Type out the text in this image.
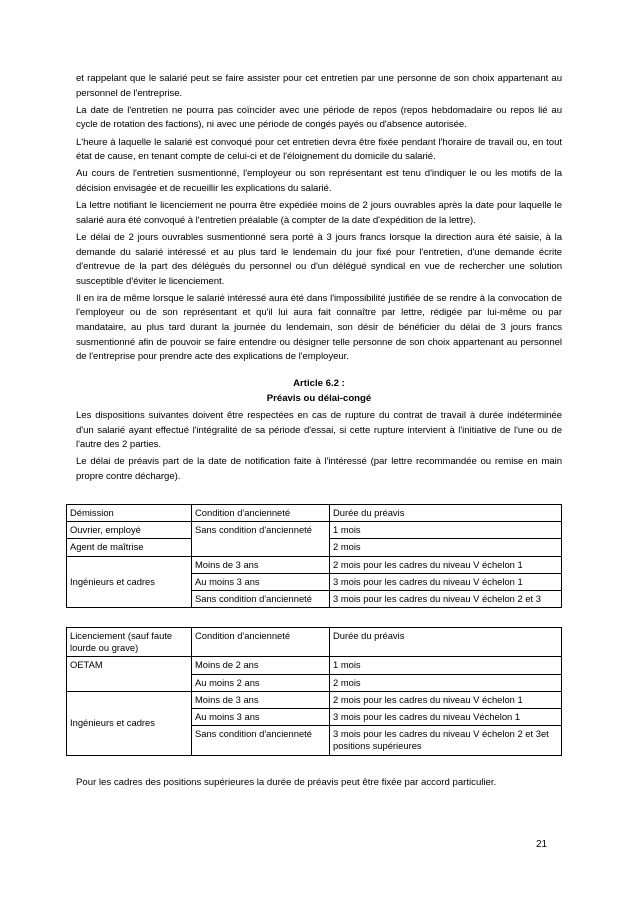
et rappelant que le salarié peut se faire assister pour cet entretien par une personne de son choix appartenant au personnel de l'entreprise.

La date de l'entretien ne pourra pas coïncider avec une période de repos (repos hebdomadaire ou repos lié au cycle de rotation des factions), ni avec une période de congés payés ou d'absence autorisée.

L'heure à laquelle le salarié est convoqué pour cet entretien devra être fixée pendant l'horaire de travail ou, en tout état de cause, en tenant compte de celui-ci et de l'éloignement du domicile du salarié.

Au cours de l'entretien susmentionné, l'employeur ou son représentant est tenu d'indiquer le ou les motifs de la décision envisagée et de recueillir les explications du salarié.

La lettre notifiant le licenciement ne pourra être expédiée moins de 2 jours ouvrables après la date pour laquelle le salarié aura été convoqué à l'entretien préalable (à compter de la date d'expédition de la lettre).

Le délai de 2 jours ouvrables susmentionné sera porté à 3 jours francs lorsque la direction aura été saisie, à la demande du salarié intéressé et au plus tard le lendemain du jour fixé pour l'entretien, d'une demande écrite d'entrevue de la part des délégués du personnel ou d'un délégué syndical en vue de rechercher une solution susceptible d'éviter le licenciement.

Il en ira de même lorsque le salarié intéressé aura été dans l'impossibilité justifiée de se rendre à la convocation de l'employeur ou de son représentant et qu'il lui aura fait connaître par lettre, rédigée par lui-même ou par mandataire, au plus tard durant la journée du lendemain, son désir de bénéficier du délai de 3 jours francs susmentionné afin de pouvoir se faire entendre ou désigner telle personne de son choix appartenant au personnel de l'entreprise pour prendre acte des explications de l'employeur.

Article 6.2 :

Préavis ou délai-congé

Les dispositions suivantes doivent être respectées en cas de rupture du contrat de travail à durée indéterminée d'un salarié ayant effectué l'intégralité de sa période d'essai, si cette rupture intervient à l'initiative de l'une ou de l'autre des 2 parties.

Le délai de préavis part de la date de notification faite à l'intéressé (par lettre recommandée ou remise en main propre contre décharge).

Démission	Condition d'ancienneté	Durée du préavis
Ouvrier, employé	Sans condition d'ancienneté	1 mois
Agent de maîtrise		2 mois
Ingénieurs et cadres	Moins de 3 ans	2 mois pour les cadres du niveau V échelon 1
	Au moins 3 ans	3 mois pour les cadres du niveau V échelon 1
	Sans condition d'ancienneté	3 mois pour les cadres du niveau V échelon 2 et 3
Licenciement (sauf faute lourde ou grave)	Condition d'ancienneté	Durée du préavis
OETAM	Moins de 2 ans	1 mois
	Au moins 2 ans	2 mois
Ingénieurs et cadres	Moins de 3 ans	2 mois pour les cadres du niveau V échelon 1
	Au moins 3 ans	3 mois pour les cadres du niveau Véchelon 1
	Sans condition d'ancienneté	3 mois pour les cadres du niveau V échelon 2 et 3et positions supérieures

Pour les cadres des positions supérieures la durée de préavis peut être fixée par accord particulier.

21
